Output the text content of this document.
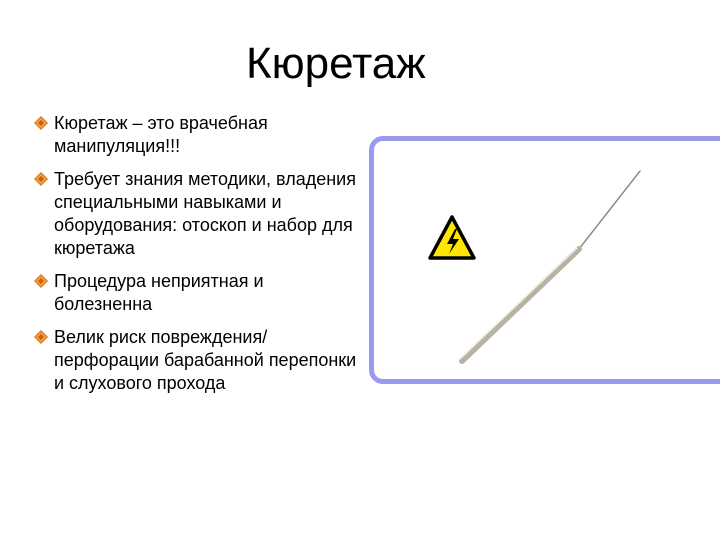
Кюретаж
Кюретаж – это врачебная манипуляция!!!
Требует знания методики, владения специальными навыками и оборудования: отоскоп и набор для кюретажа
Процедура неприятная и болезненна
Велик риск повреждения/перфорации барабанной перепонки и слухового прохода
